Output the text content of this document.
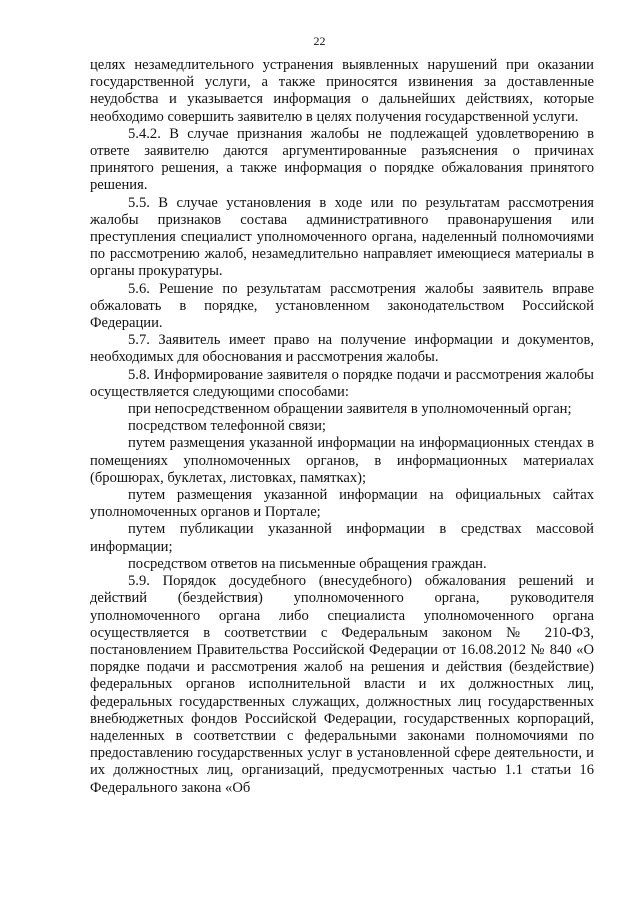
22

целях незамедлительного устранения выявленных нарушений при оказании государственной услуги, а также приносятся извинения за доставленные неудобства и указывается информация о дальнейших действиях, которые необходимо совершить заявителю в целях получения государственной услуги.

5.4.2. В случае признания жалобы не подлежащей удовлетворению в ответе заявителю даются аргументированные разъяснения о причинах принятого решения, а также информация о порядке обжалования принятого решения.

5.5. В случае установления в ходе или по результатам рассмотрения жалобы признаков состава административного правонарушения или преступления специалист уполномоченного органа, наделенный полномочиями по рассмотрению жалоб, незамедлительно направляет имеющиеся материалы в органы прокуратуры.

5.6. Решение по результатам рассмотрения жалобы заявитель вправе обжаловать в порядке, установленном законодательством Российской Федерации.

5.7. Заявитель имеет право на получение информации и документов, необходимых для обоснования и рассмотрения жалобы.

5.8. Информирование заявителя о порядке подачи и рассмотрения жалобы осуществляется следующими способами:

при непосредственном обращении заявителя в уполномоченный орган;

посредством телефонной связи;

путем размещения указанной информации на информационных стендах в помещениях уполномоченных органов, в информационных материалах (брошюрах, буклетах, листовках, памятках);

путем размещения указанной информации на официальных сайтах уполномоченных органов и Портале;

путем публикации указанной информации в средствах массовой информации;

посредством ответов на письменные обращения граждан.

5.9. Порядок досудебного (внесудебного) обжалования решений и действий (бездействия) уполномоченного органа, руководителя уполномоченного органа либо специалиста уполномоченного органа осуществляется в соответствии с Федеральным законом № 210-ФЗ, постановлением Правительства Российской Федерации от 16.08.2012 № 840 «О порядке подачи и рассмотрения жалоб на решения и действия (бездействие) федеральных органов исполнительной власти и их должностных лиц, федеральных государственных служащих, должностных лиц государственных внебюджетных фондов Российской Федерации, государственных корпораций, наделенных в соответствии с федеральными законами полномочиями по предоставлению государственных услуг в установленной сфере деятельности, и их должностных лиц, организаций, предусмотренных частью 1.1 статьи 16 Федерального закона «Об
